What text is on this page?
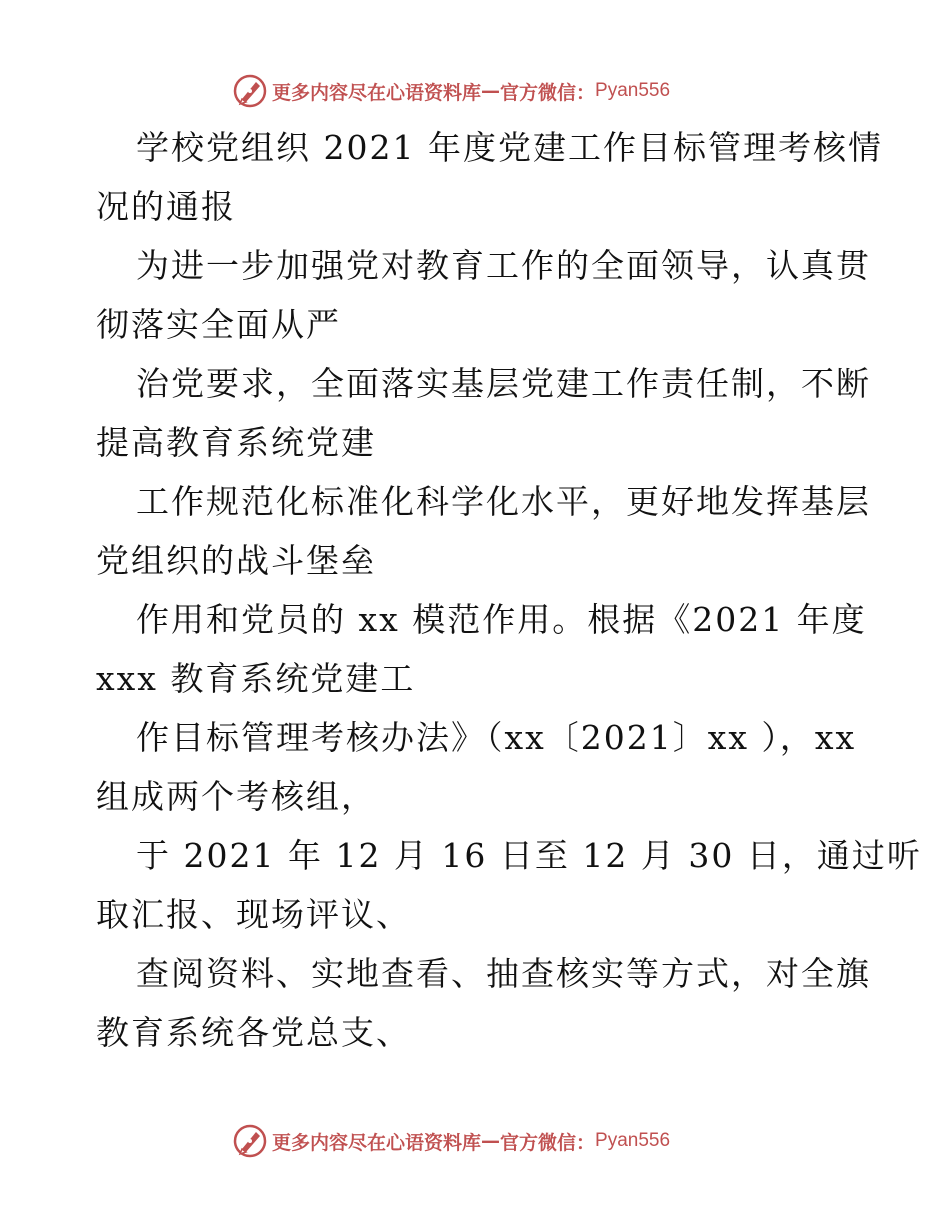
更多内容尽在心语资料库 — 官方微信： Pyan556
学校党组织 2021 年度党建工作目标管理考核情
况的通报
为进一步加强党对教育工作的全面领导，认真贯
彻落实全面从严
治党要求，全面落实基层党建工作责任制，不断
提高教育系统党建
工作规范化标准化科学化水平，更好地发挥基层
党组织的战斗堡垒
作用和党员的 xx 模范作用。根据《2021 年度
xxx 教育系统党建工
作目标管理考核办法》（xx〔2021〕xx ），xx
组成两个考核组，
于 2021 年 12 月 16 日至 12 月 30 日，通过听
取汇报、现场评议、
查阅资料、实地查看、抽查核实等方式，对全旗
教育系统各党总支、
更多内容尽在心语资料库 — 官方微信： Pyan556
